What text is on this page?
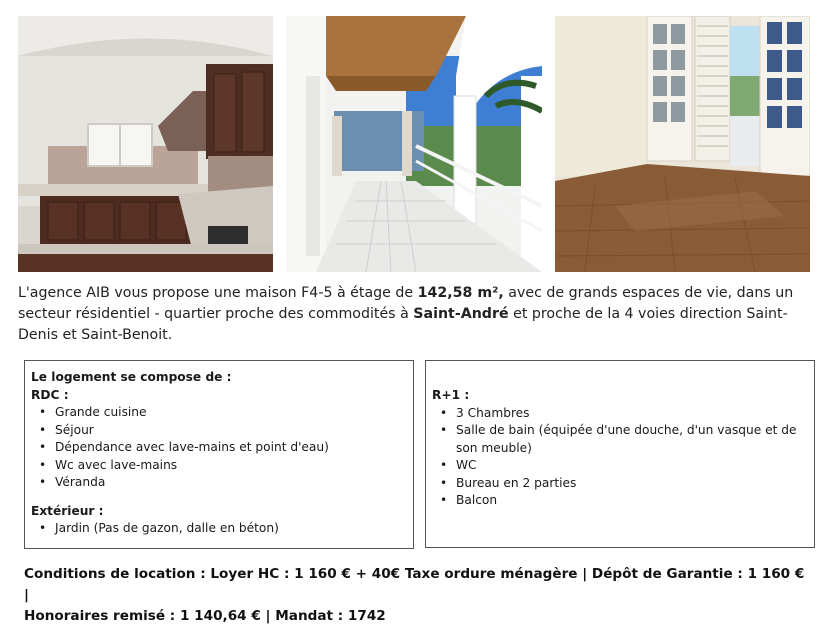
L'agence AIB vous propose une maison F4-5 à étage de 142,58 m², avec de grands espaces de vie, dans un secteur résidentiel - quartier proche des commodités à Saint-André et proche de la 4 voies direction Saint-Denis et Saint-Benoit.
Le logement se compose de :
RDC :
• Grande cuisine
• Séjour
• Dépendance avec lave-mains et point d'eau)
• Wc avec lave-mains
• Véranda
Extérieur :
• Jardin (Pas de gazon, dalle en béton)
R+1 :
• 3 Chambres
• Salle de bain (équipée d'une douche, d'un vasque et de son meuble)
• WC
• Bureau en 2 parties
• Balcon
Conditions de location : Loyer HC : 1 160 € + 40€ Taxe ordure ménagère | Dépôt de Garantie : 1 160 € |
Honoraires remisé : 1 140,64 € | Mandat : 1742
